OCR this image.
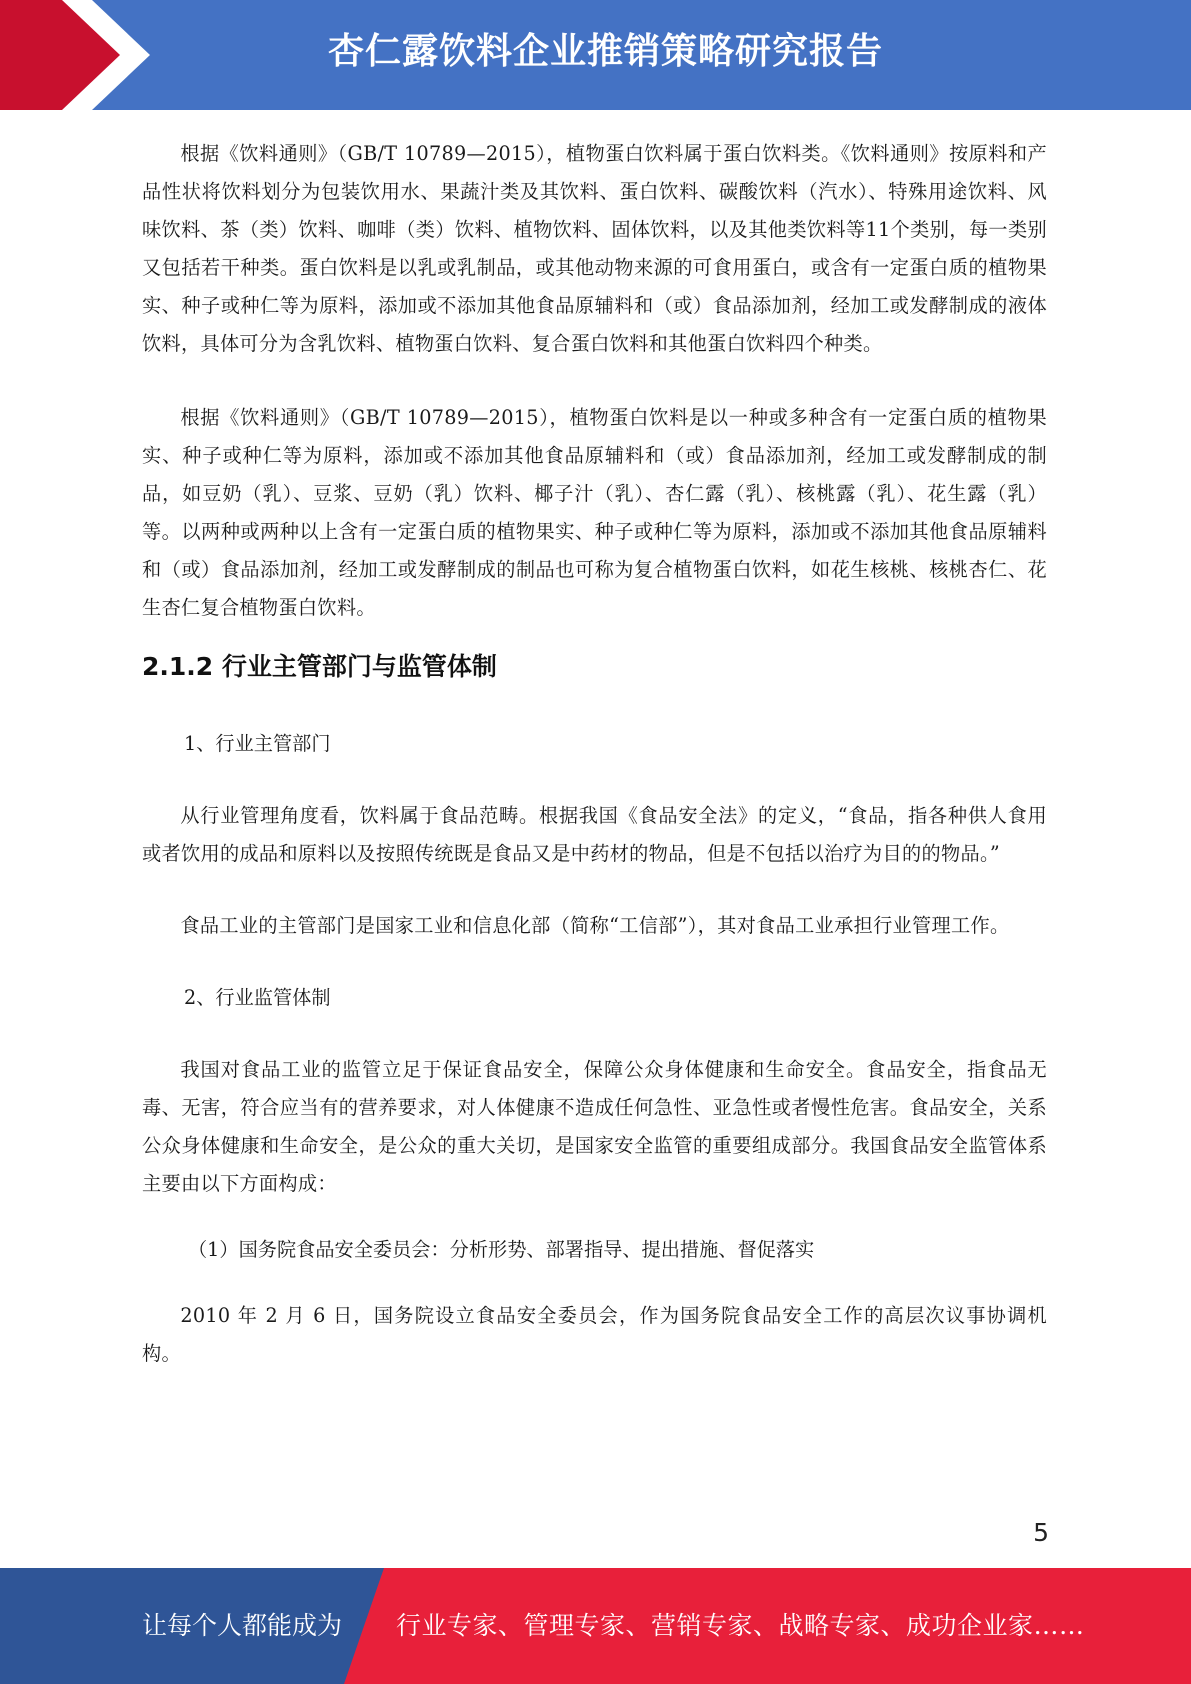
杏仁露饮料企业推销策略研究报告

根据《饮料通则》（GB/T 10789—2015），植物蛋白饮料属于蛋白饮料类。《饮料通则》按原料和产品性状将饮料划分为包装饮用水、果蔬汁类及其饮料、蛋白饮料、碳酸饮料（汽水）、特殊用途饮料、风味饮料、茶（类）饮料、咖啡（类）饮料、植物饮料、固体饮料，以及其他类饮料等11个类别，每一类别又包括若干种类。蛋白饮料是以乳或乳制品，或其他动物来源的可食用蛋白，或含有一定蛋白质的植物果实、种子或种仁等为原料，添加或不添加其他食品原辅料和（或）食品添加剂，经加工或发酵制成的液体饮料，具体可分为含乳饮料、植物蛋白饮料、复合蛋白饮料和其他蛋白饮料四个种类。

根据《饮料通则》（GB/T 10789—2015），植物蛋白饮料是以一种或多种含有一定蛋白质的植物果实、种子或种仁等为原料，添加或不添加其他食品原辅料和（或）食品添加剂，经加工或发酵制成的制品，如豆奶（乳）、豆浆、豆奶（乳）饮料、椰子汁（乳）、杏仁露（乳）、核桃露（乳）、花生露（乳）等。以两种或两种以上含有一定蛋白质的植物果实、种子或种仁等为原料，添加或不添加其他食品原辅料和（或）食品添加剂，经加工或发酵制成的制品也可称为复合植物蛋白饮料，如花生核桃、核桃杏仁、花生杏仁复合植物蛋白饮料。

2.1.2 行业主管部门与监管体制

1、行业主管部门

从行业管理角度看，饮料属于食品范畴。根据我国《食品安全法》的定义，“食品，指各种供人食用或者饮用的成品和原料以及按照传统既是食品又是中药材的物品，但是不包括以治疗为目的的物品。”

食品工业的主管部门是国家工业和信息化部（简称“工信部”），其对食品工业承担行业管理工作。

2、行业监管体制

我国对食品工业的监管立足于保证食品安全，保障公众身体健康和生命安全。食品安全，指食品无毒、无害，符合应当有的营养要求，对人体健康不造成任何急性、亚急性或者慢性危害。食品安全，关系公众身体健康和生命安全，是公众的重大关切，是国家安全监管的重要组成部分。我国食品安全监管体系主要由以下方面构成：

（1）国务院食品安全委员会：分析形势、部署指导、提出措施、督促落实

2010 年 2 月 6 日，国务院设立食品安全委员会，作为国务院食品安全工作的高层次议事协调机构。

5
让每个人都能成为 行业专家、管理专家、营销专家、战略专家、成功企业家……
